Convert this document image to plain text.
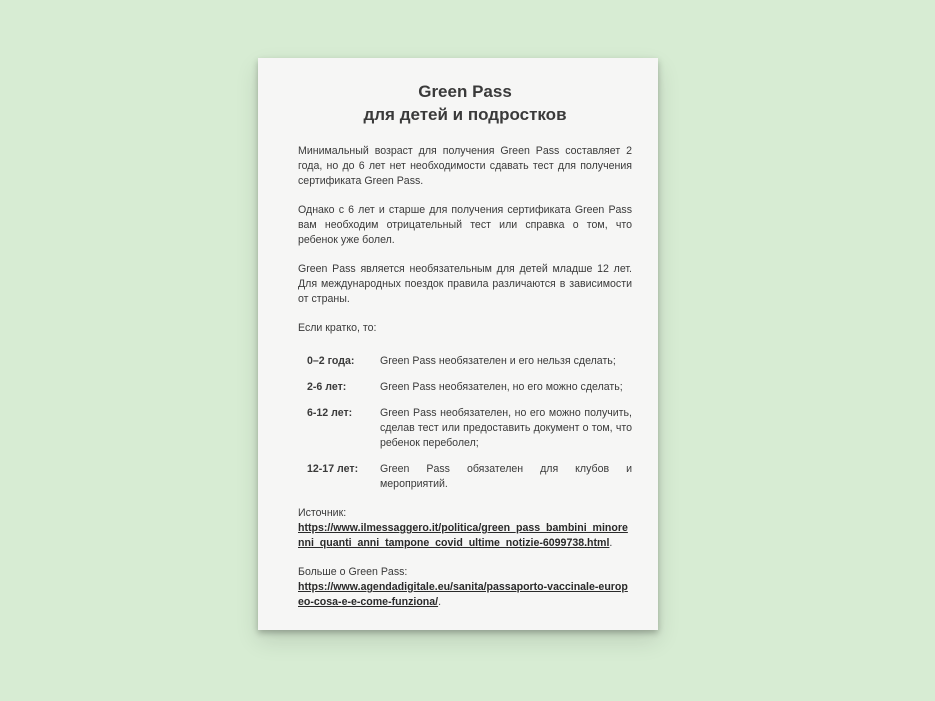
Green Pass
для детей и подростков

Минимальный возраст для получения Green Pass составляет 2 года, но до 6 лет нет необходимости сдавать тест для получения сертификата Green Pass.

Однако с 6 лет и старше для получения сертификата Green Pass вам необходим отрицательный тест или справка о том, что ребенок уже болел.

Green Pass является необязательным для детей младше 12 лет. Для международных поездок правила различаются в зависимости от страны.

Если кратко, то:

0–2 года:	Green Pass необязателен и его нельзя сделать;
2-6 лет:	Green Pass необязателен, но его можно сделать;
6-12 лет:	Green Pass необязателен, но его можно получить, сделав тест или предоставить документ о том, что ребенок переболел;
12-17 лет:	Green Pass обязателен для клубов и мероприятий.
Источник:
https://www.ilmessaggero.it/politica/green_pass_bambini_minorenni_quanti_anni_tampone_covid_ultime_notizie-6099738.html.
Больше о Green Pass:
https://www.agendadigitale.eu/sanita/passaporto-vaccinale-europeo-cosa-e-e-come-funziona/.
